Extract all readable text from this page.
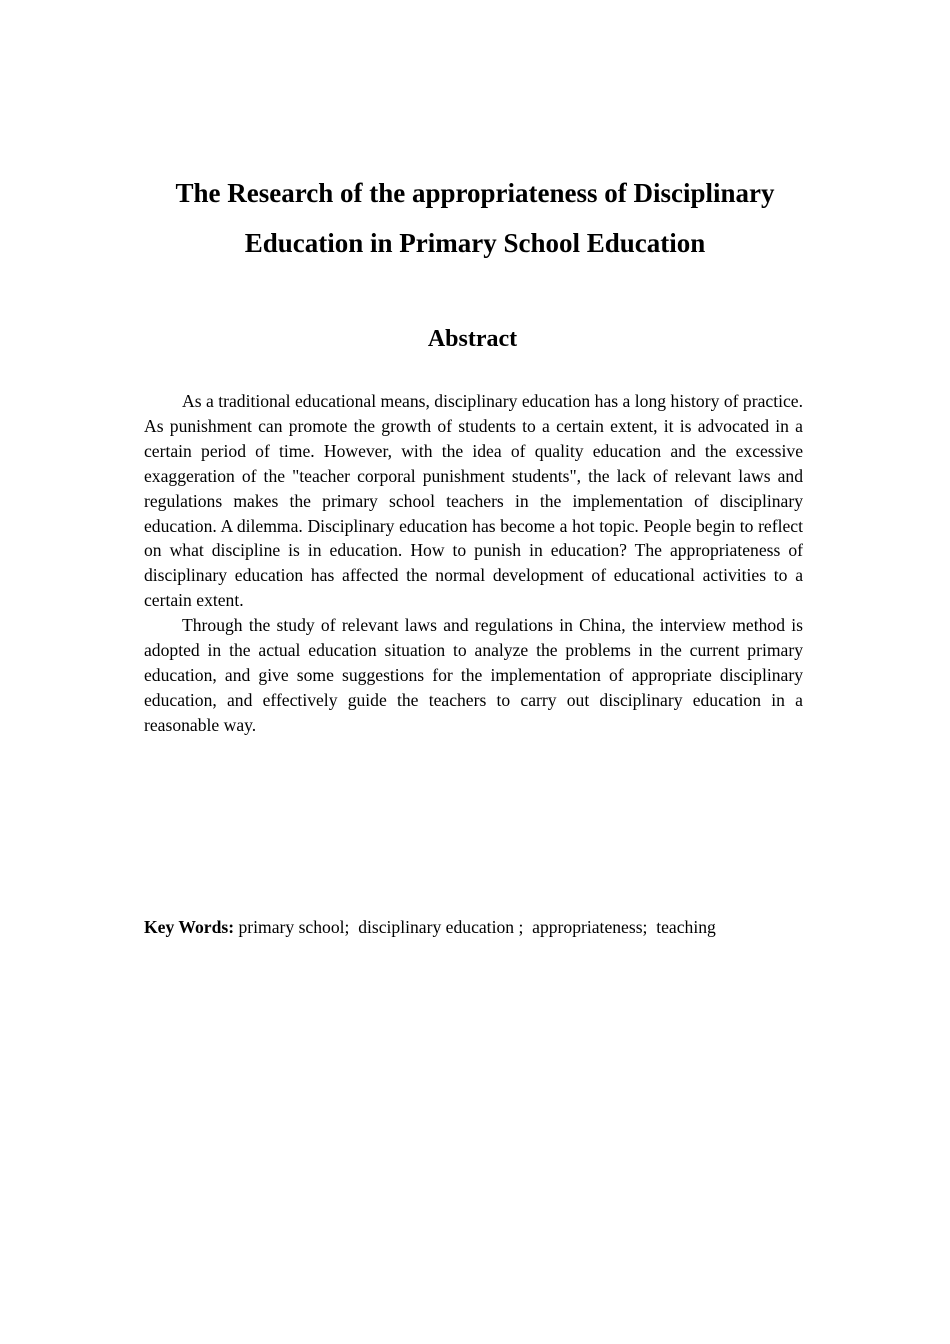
The Research of the appropriateness of Disciplinary Education in Primary School Education
Abstract

As a traditional educational means, disciplinary education has a long history of practice. As punishment can promote the growth of students to a certain extent, it is advocated in a certain period of time. However, with the idea of quality education and the excessive exaggeration of the "teacher corporal punishment students", the lack of relevant laws and regulations makes the primary school teachers in the implementation of disciplinary education. A dilemma. Disciplinary education has become a hot topic. People begin to reflect on what discipline is in education. How to punish in education? The appropriateness of disciplinary education has affected the normal development of educational activities to a certain extent.

Through the study of relevant laws and regulations in China, the interview method is adopted in the actual education situation to analyze the problems in the current primary education, and give some suggestions for the implementation of appropriate disciplinary education, and effectively guide the teachers to carry out disciplinary education in a reasonable way.

Key Words: primary school;  disciplinary education ;  appropriateness;  teaching
